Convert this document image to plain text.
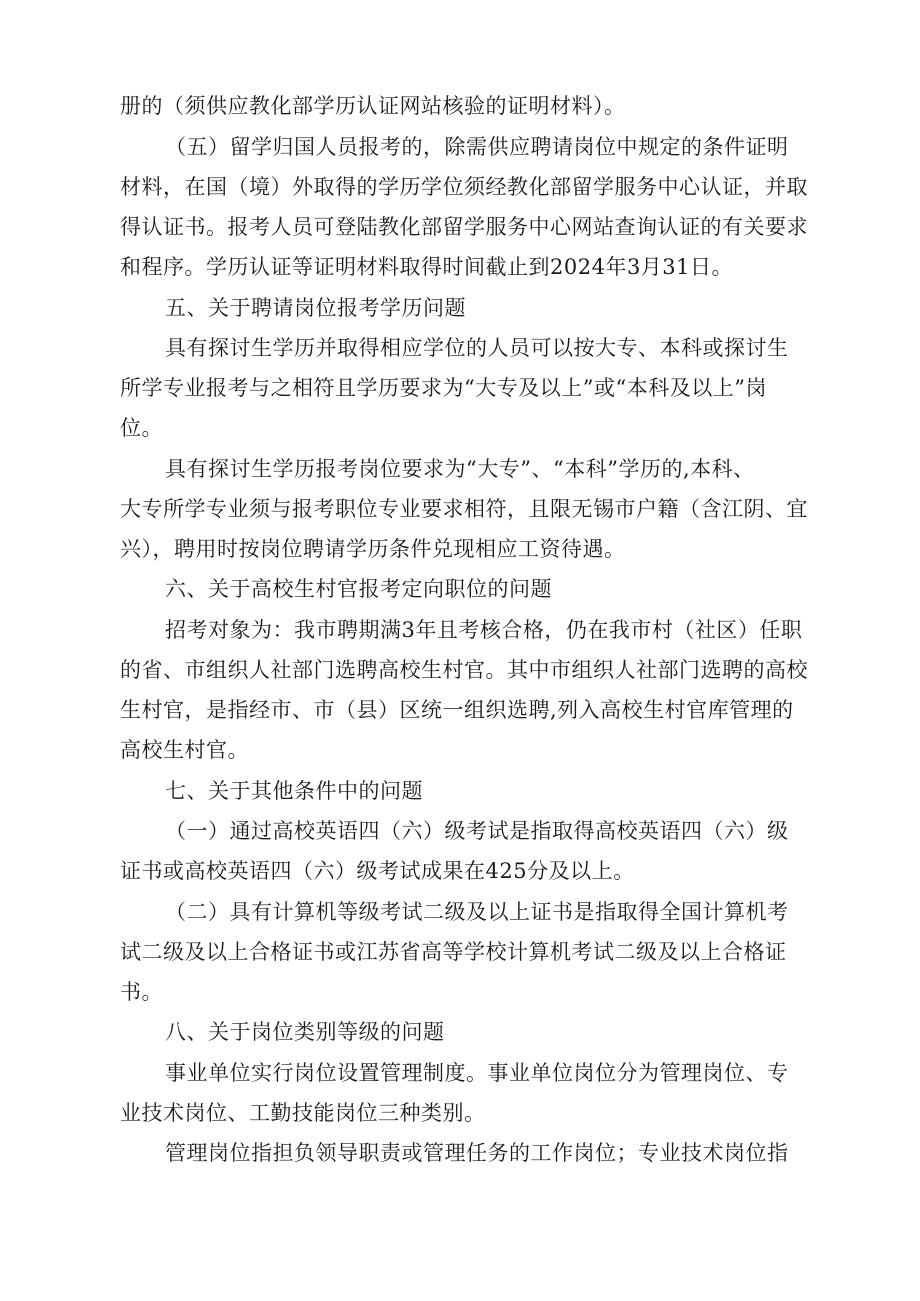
册的（须供应教化部学历认证网站核验的证明材料）。

（五）留学归国人员报考的，除需供应聘请岗位中规定的条件证明

材料，在国（境）外取得的学历学位须经教化部留学服务中心认证，并取

得认证书。报考人员可登陆教化部留学服务中心网站查询认证的有关要求

和程序。学历认证等证明材料取得时间截止到2024年3月31日。

五、关于聘请岗位报考学历问题

具有探讨生学历并取得相应学位的人员可以按大专、本科或探讨生

所学专业报考与之相符且学历要求为“大专及以上”或“本科及以上”岗

位。

具有探讨生学历报考岗位要求为“大专”、“本科”学历的,本科、

大专所学专业须与报考职位专业要求相符，且限无锡市户籍（含江阴、宜

兴），聘用时按岗位聘请学历条件兑现相应工资待遇。

六、关于高校生村官报考定向职位的问题

招考对象为：我市聘期满3年且考核合格，仍在我市村（社区）任职

的省、市组织人社部门选聘高校生村官。其中市组织人社部门选聘的高校

生村官，是指经市、市（县）区统一组织选聘,列入高校生村官库管理的

高校生村官。

七、关于其他条件中的问题

（一）通过高校英语四（六）级考试是指取得高校英语四（六）级

证书或高校英语四（六）级考试成果在425分及以上。

（二）具有计算机等级考试二级及以上证书是指取得全国计算机考

试二级及以上合格证书或江苏省高等学校计算机考试二级及以上合格证

书。

八、关于岗位类别等级的问题

事业单位实行岗位设置管理制度。事业单位岗位分为管理岗位、专

业技术岗位、工勤技能岗位三种类别。

管理岗位指担负领导职责或管理任务的工作岗位；专业技术岗位指
